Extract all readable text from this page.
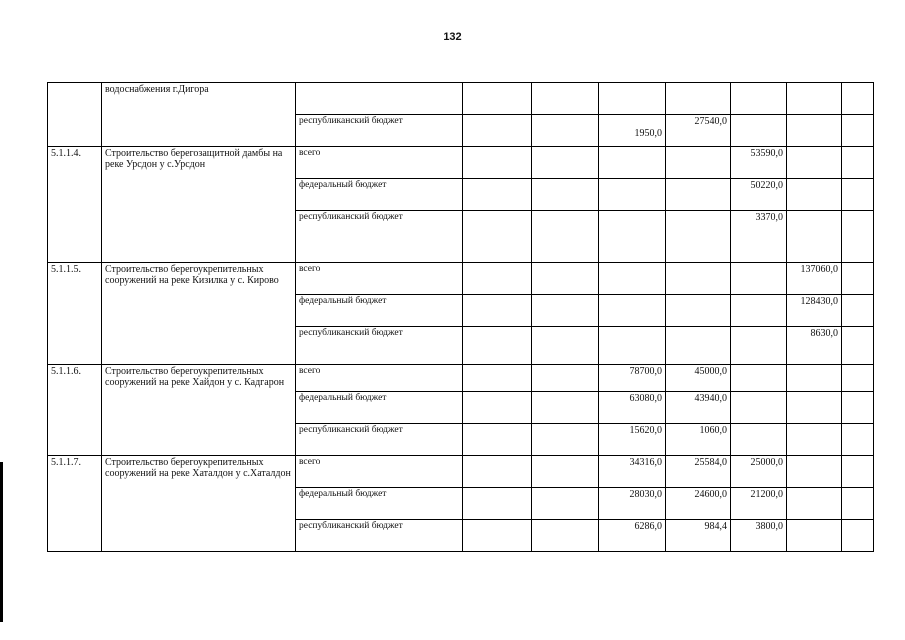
132
	водоснабжения г.Дигора								
		республиканский бюджет			1950,0	27540,0			
5.1.1.4.	Строительство берегозащитной дамбы на реке Урсдон у с.Урсдон	всего					53590,0		
		федеральный бюджет					50220,0		
		республиканский бюджет					3370,0		
5.1.1.5.	Строительство берегоукрепительных сооружений на реке Кизилка у с. Кирово	всего						137060,0	
		федеральный бюджет						128430,0	
		республиканский бюджет						8630,0	
5.1.1.6.	Строительство берегоукрепительных сооружений на реке Хайдон у с. Кадгарон	всего			78700,0	45000,0			
		федеральный бюджет			63080,0	43940,0			
		республиканский бюджет			15620,0	1060,0			
5.1.1.7.	Строительство берегоукрепительных сооружений на реке Хаталдон у с.Хаталдон	всего			34316,0	25584,0	25000,0		
		федеральный бюджет			28030,0	24600,0	21200,0		
		республиканский бюджет			6286,0	984,4	3800,0		
